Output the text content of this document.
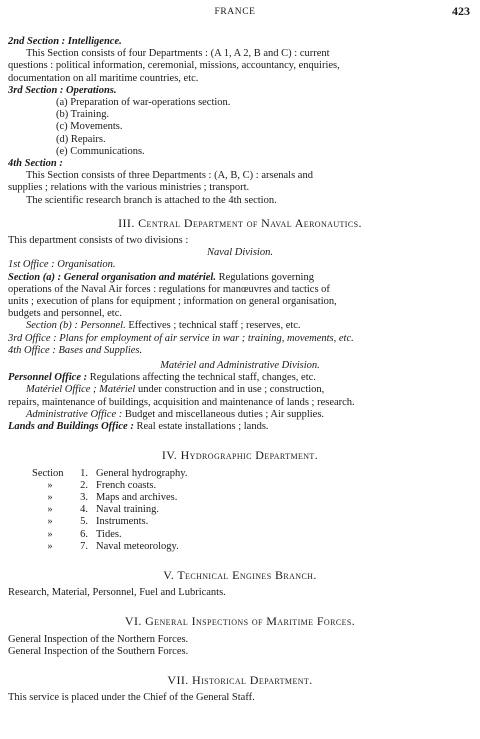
FRANCE	423
2nd Section : Intelligence.
This Section consists of four Departments : (A 1, A 2, B and C) : current
questions : political information, ceremonial, missions, accountancy, enquiries,
documentation on all maritime countries, etc.
3rd Section : Operations.
(a) Preparation of war-operations section.
(b) Training.
(c) Movements.
(d) Repairs.
(e) Communications.
4th Section :
This Section consists of three Departments : (A, B, C) : arsenals and
supplies ; relations with the various ministries ; transport.
The scientific research branch is attached to the 4th section.
III. Central Department of Naval Aeronautics.
This department consists of two divisions :
Naval Division.
1st Office : Organisation.
Section (a) : General organisation and matériel. Regulations governing
operations of the Naval Air forces : regulations for manœuvres and tactics of
units ; execution of plans for equipment ; information on general organisation,
budgets and personnel, etc.
Section (b) : Personnel. Effectives ; technical staff ; reserves, etc.
3rd Office : Plans for employment of air service in war ; training, movements, etc.
4th Office : Bases and Supplies.
Matériel and Administrative Division.
Personnel Office : Regulations affecting the technical staff, changes, etc.
Matériel Office ; Matériel under construction and in use ; construction,
repairs, maintenance of buildings, acquisition and maintenance of lands ; research.
Administrative Office : Budget and miscellaneous duties ; Air supplies.
Lands and Buildings Office : Real estate installations ; lands.
IV. Hydrographic Department.
Section	1. General hydrography.
»	2. French coasts.
»	3. Maps and archives.
»	4. Naval training.
»	5. Instruments.
»	6. Tides.
»	7. Naval meteorology.
V. Technical Engines Branch.
Research, Material, Personnel, Fuel and Lubricants.
VI. General Inspections of Maritime Forces.
General Inspection of the Northern Forces.
General Inspection of the Southern Forces.
VII. Historical Department.
This service is placed under the Chief of the General Staff.
